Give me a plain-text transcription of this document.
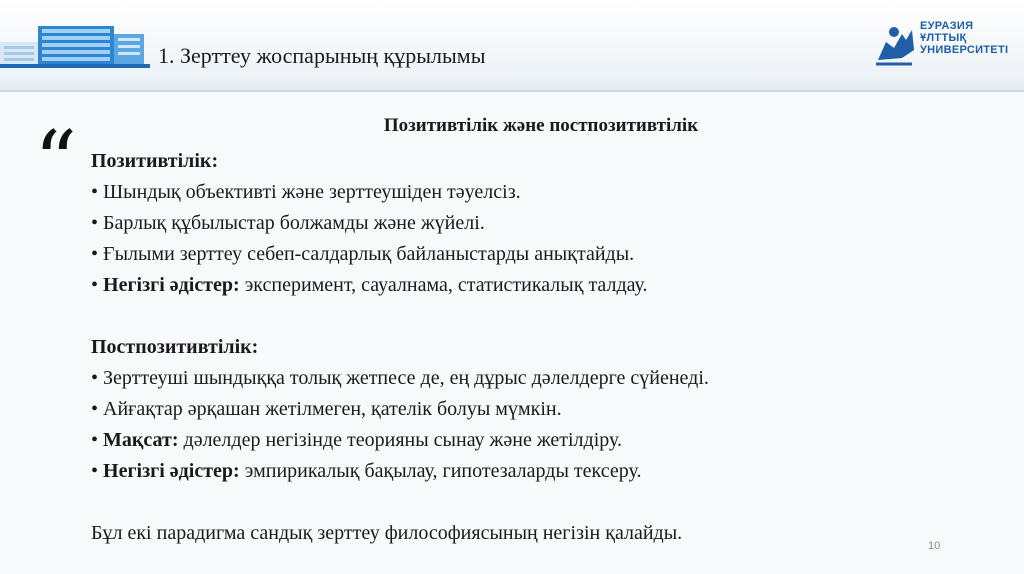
1. Зерттеу жоспарының құрылымы
ЕУРАЗИЯ
ҰЛТТЫҚ
УНИВЕРСИТЕТІ
“	Позитивтілік және постпозитивтілік
Позитивтілік:
• Шындық объективті және зерттеушіден тәуелсіз.
• Барлық құбылыстар болжамды және жүйелі.
• Ғылыми зерттеу себеп-салдарлық байланыстарды анықтайды.
• Негізгі әдістер: эксперимент, сауалнама, статистикалық талдау.
Постпозитивтілік:
• Зерттеуші шындыққа толық жетпесе де, ең дұрыс дәлелдерге сүйенеді.
• Айғақтар әрқашан жетілмеген, қателік болуы мүмкін.
• Мақсат: дәлелдер негізінде теорияны сынау және жетілдіру.
• Негізгі әдістер: эмпирикалық бақылау, гипотезаларды тексеру.
Бұл екі парадигма сандық зерттеу философиясының негізін қалайды.
10
